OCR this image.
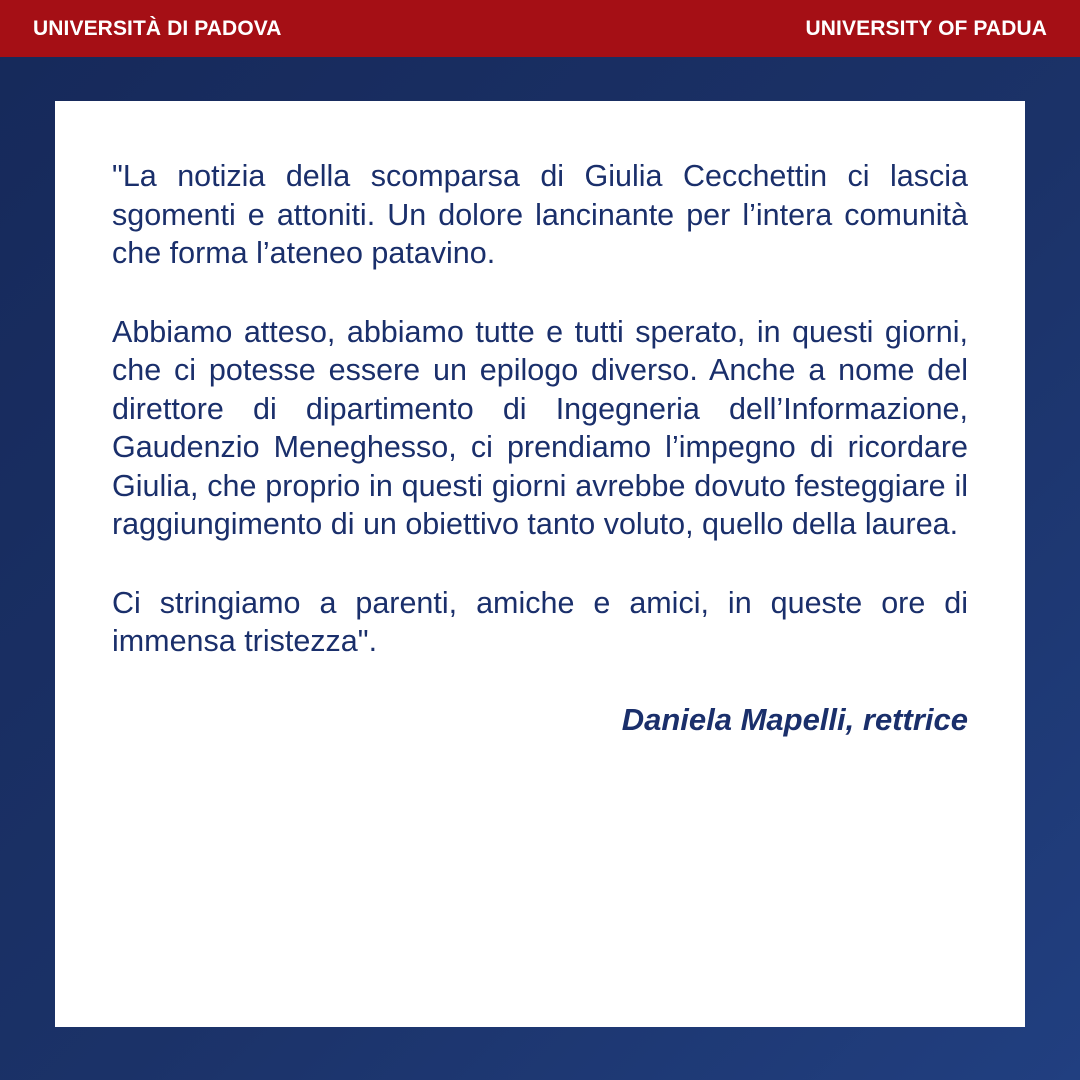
UNIVERSITÀ DI PADOVA	UNIVERSITY OF PADUA

"La notizia della scomparsa di Giulia Cecchettin ci lascia sgomenti e attoniti. Un dolore lancinante per l’intera comunità che forma l’ateneo patavino.

Abbiamo atteso, abbiamo tutte e tutti sperato, in questi giorni, che ci potesse essere un epilogo diverso. Anche a nome del direttore di dipartimento di Ingegneria dell’Informazione, Gaudenzio Meneghesso, ci prendiamo l’impegno di ricordare Giulia, che proprio in questi giorni avrebbe dovuto festeggiare il raggiungimento di un obiettivo tanto voluto, quello della laurea.

Ci stringiamo a parenti, amiche e amici, in queste ore di immensa tristezza".

Daniela Mapelli, rettrice
